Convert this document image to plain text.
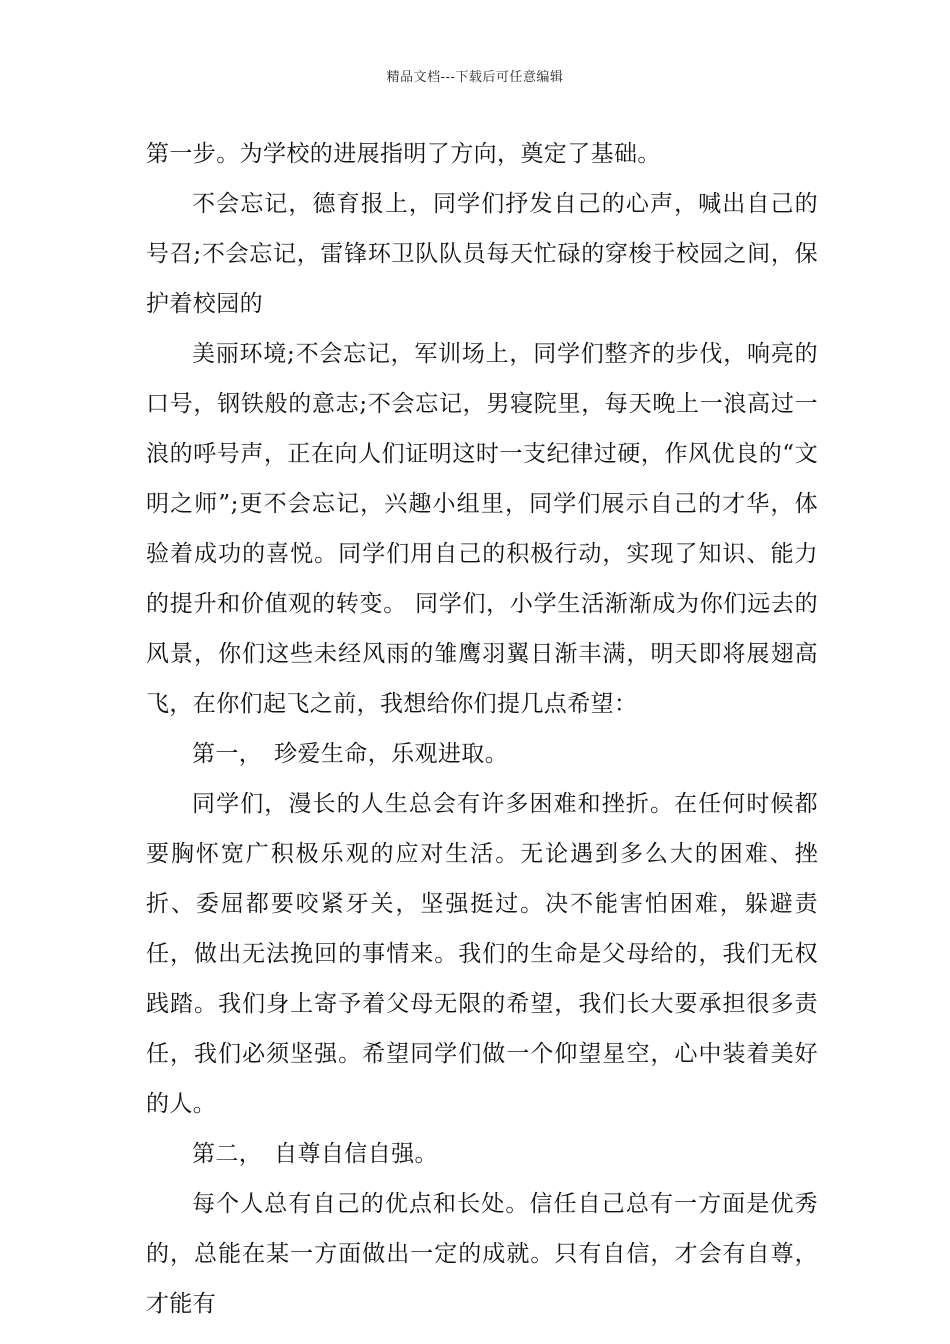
精品文档---下载后可任意编辑

第一步。为学校的进展指明了方向，奠定了基础。

不会忘记，德育报上，同学们抒发自己的心声，喊出自己的号召;不会忘记，雷锋环卫队队员每天忙碌的穿梭于校园之间，保护着校园的

美丽环境;不会忘记，军训场上，同学们整齐的步伐，响亮的口号，钢铁般的意志;不会忘记，男寝院里，每天晚上一浪高过一浪的呼号声，正在向人们证明这时一支纪律过硬，作风优良的“文明之师”;更不会忘记，兴趣小组里，同学们展示自己的才华，体验着成功的喜悦。同学们用自己的积极行动，实现了知识、能力的提升和价值观的转变。 同学们，小学生活渐渐成为你们远去的风景，你们这些未经风雨的雏鹰羽翼日渐丰满，明天即将展翅高飞，在你们起飞之前，我想给你们提几点希望：

第一，　珍爱生命，乐观进取。

同学们，漫长的人生总会有许多困难和挫折。在任何时候都要胸怀宽广积极乐观的应对生活。无论遇到多么大的困难、挫折、委屈都要咬紧牙关，坚强挺过。决不能害怕困难，躲避责任，做出无法挽回的事情来。我们的生命是父母给的，我们无权践踏。我们身上寄予着父母无限的希望，我们长大要承担很多责任，我们必须坚强。希望同学们做一个仰望星空，心中装着美好的人。

第二，　自尊自信自强。

每个人总有自己的优点和长处。信任自己总有一方面是优秀的，总能在某一方面做出一定的成就。只有自信，才会有自尊，才能有
